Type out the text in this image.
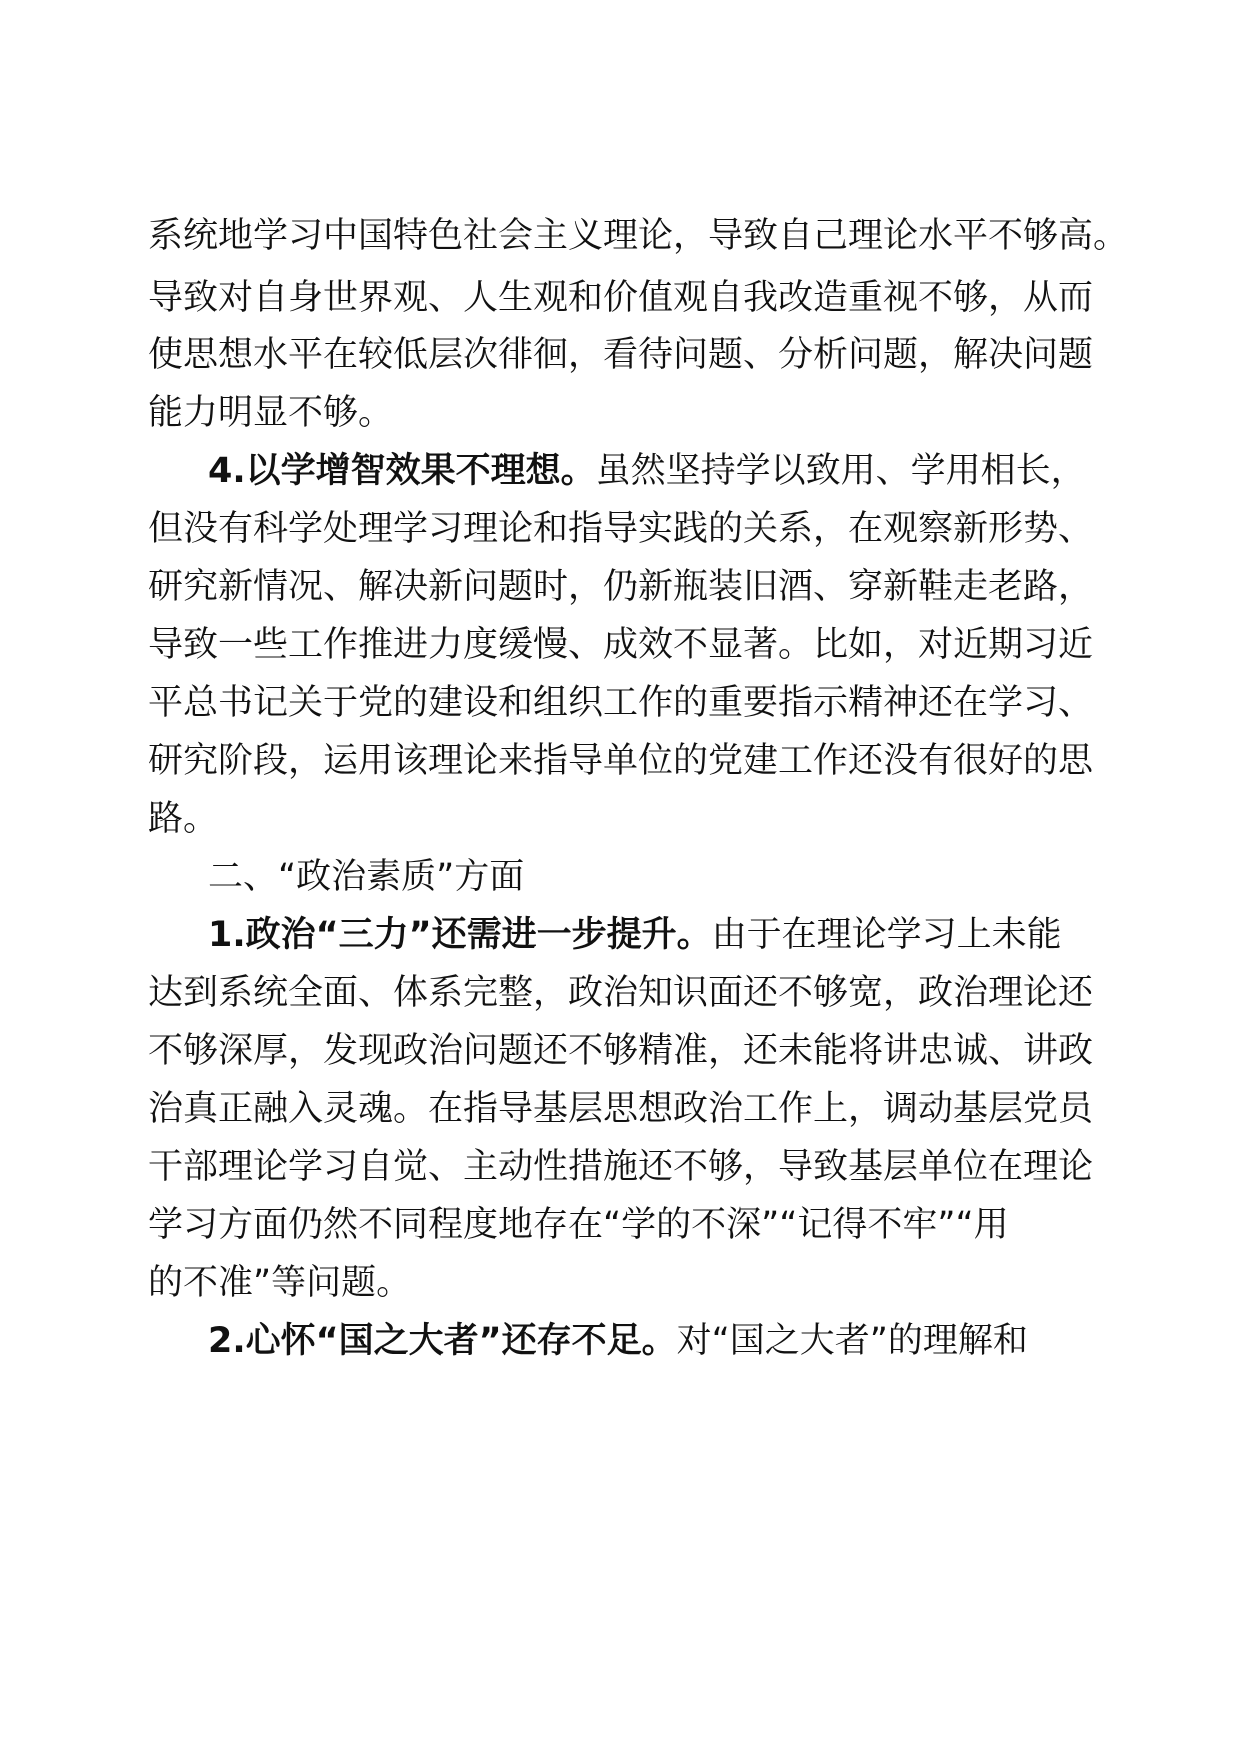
系统地学习中国特色社会主义理论，导致自己理论水平不够高。
导致对自身世界观、人生观和价值观自我改造重视不够，从而
使思想水平在较低层次徘徊，看待问题、分析问题，解决问题
能力明显不够。
4.以学增智效果不理想。虽然坚持学以致用、学用相长，
但没有科学处理学习理论和指导实践的关系，在观察新形势、
研究新情况、解决新问题时，仍新瓶装旧酒、穿新鞋走老路，
导致一些工作推进力度缓慢、成效不显著。比如，对近期习近
平总书记关于党的建设和组织工作的重要指示精神还在学习、
研究阶段，运用该理论来指导单位的党建工作还没有很好的思
路。
二、“政治素质”方面
1.政治“三力”还需进一步提升。由于在理论学习上未能
达到系统全面、体系完整，政治知识面还不够宽，政治理论还
不够深厚，发现政治问题还不够精准，还未能将讲忠诚、讲政
治真正融入灵魂。在指导基层思想政治工作上，调动基层党员
干部理论学习自觉、主动性措施还不够，导致基层单位在理论
学习方面仍然不同程度地存在“学的不深”“记得不牢”“用
的不准”等问题。
2.心怀“国之大者”还存不足。对“国之大者”的理解和
